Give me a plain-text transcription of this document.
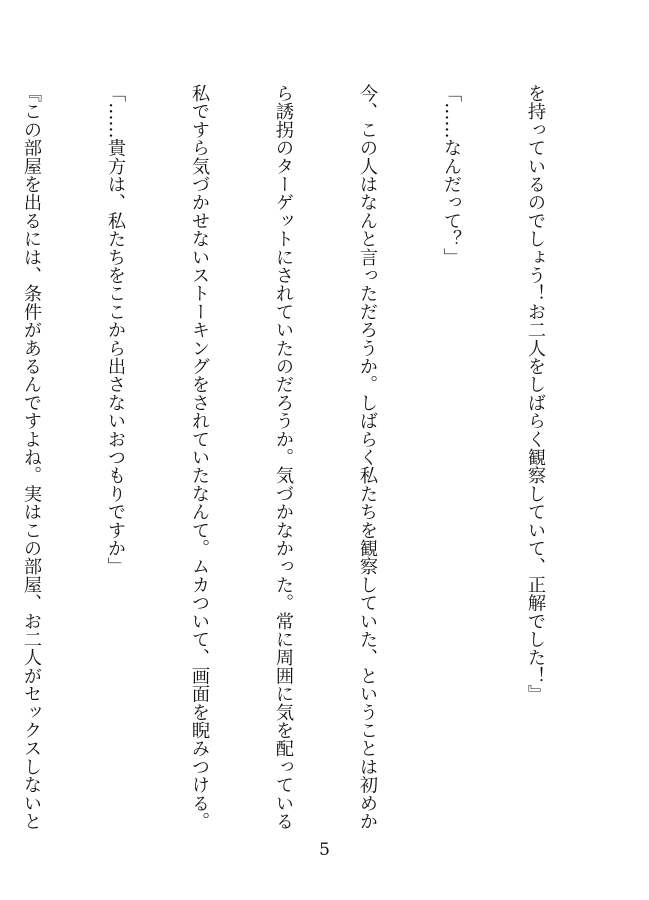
を持っているのでしょう！お二人をしばらく観察していて、正解でした！』

「……なんだって？」

今、この人はなんと言っただろうか。しばらく私たちを観察していた、ということは初めか

ら誘拐のターゲットにされていたのだろうか。気づかなかった。常に周囲に気を配っている

私ですら気づかせないストーキングをされていたなんて。ムカついて、画面を睨みつける。

「……貴方は、私たちをここから出さないおつもりですか」

『この部屋を出るには、条件があるんですよね。実はこの部屋、お二人がセックスしないと

5
